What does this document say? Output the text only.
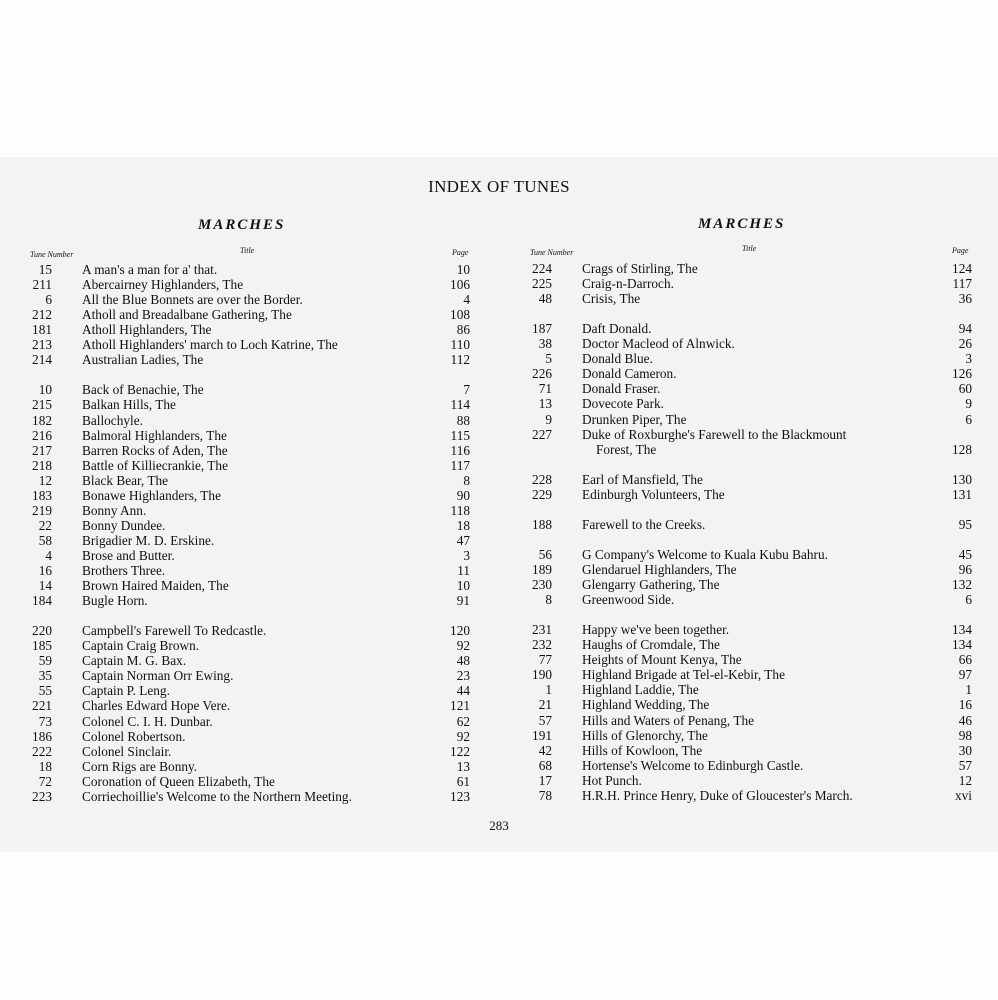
INDEX OF TUNES
MARCHES
Tune Number	Title	Page
15 A man's a man for a' that.	10
211 Abercairney Highlanders, The	106
6 All the Blue Bonnets are over the Border.	4
212 Atholl and Breadalbane Gathering, The	108
181 Atholl Highlanders, The	86
213 Atholl Highlanders' march to Loch Katrine, The	110
214 Australian Ladies, The	112
10 Back of Benachie, The	7
215 Balkan Hills, The	114
182 Ballochyle.	88
216 Balmoral Highlanders, The	115
217 Barren Rocks of Aden, The	116
218 Battle of Killiecrankie, The	117
12 Black Bear, The	8
183 Bonawe Highlanders, The	90
219 Bonny Ann.	118
22 Bonny Dundee.	18
58 Brigadier M. D. Erskine.	47
4 Brose and Butter.	3
16 Brothers Three.	11
14 Brown Haired Maiden, The	10
184 Bugle Horn.	91
220 Campbell's Farewell To Redcastle.	120
185 Captain Craig Brown.	92
59 Captain M. G. Bax.	48
35 Captain Norman Orr Ewing.	23
55 Captain P. Leng.	44
221 Charles Edward Hope Vere.	121
73 Colonel C. I. H. Dunbar.	62
186 Colonel Robertson.	92
222 Colonel Sinclair.	122
18 Corn Rigs are Bonny.	13
72 Coronation of Queen Elizabeth, The	61
223 Corriechoillie's Welcome to the Northern Meeting.	123
MARCHES
Tune Number	Title	Page
224 Crags of Stirling, The	124
225 Craig-n-Darroch.	117
48 Crisis, The	36
187 Daft Donald.	94
38 Doctor Macleod of Alnwick.	26
5 Donald Blue.	3
226 Donald Cameron.	126
71 Donald Fraser.	60
13 Dovecote Park.	9
9 Drunken Piper, The	6
227 Duke of Roxburghe's Farewell to the Blackmount
Forest, The	128
228 Earl of Mansfield, The	130
229 Edinburgh Volunteers, The	131
188 Farewell to the Creeks.	95
56 G Company's Welcome to Kuala Kubu Bahru.	45
189 Glendaruel Highlanders, The	96
230 Glengarry Gathering, The	132
8 Greenwood Side.	6
231 Happy we've been together.	134
232 Haughs of Cromdale, The	134
77 Heights of Mount Kenya, The	66
190 Highland Brigade at Tel-el-Kebir, The	97
1 Highland Laddie, The	1
21 Highland Wedding, The	16
57 Hills and Waters of Penang, The	46
191 Hills of Glenorchy, The	98
42 Hills of Kowloon, The	30
68 Hortense's Welcome to Edinburgh Castle.	57
17 Hot Punch.	12
78 H.R.H. Prince Henry, Duke of Gloucester's March.	xvi
283
